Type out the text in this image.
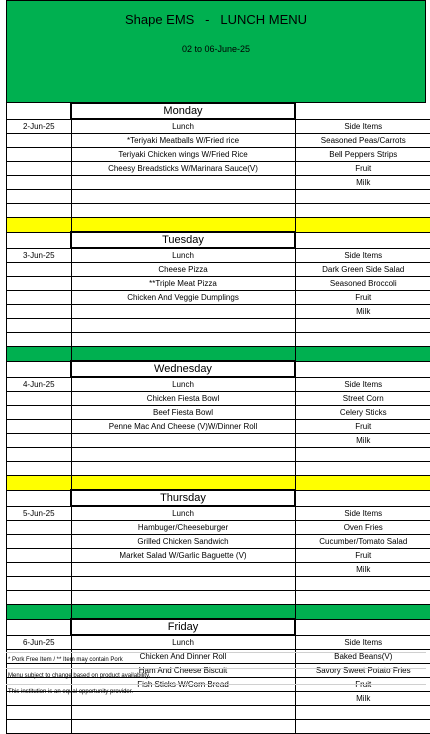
Shape EMS   -   LUNCH MENU
02 to 06-June-25
	Monday	
2-Jun-25	Lunch	Side Items
	*Teriyaki Meatballs W/Fried rice	Seasoned Peas/Carrots
	Teriyaki Chicken wings W/Fried Rice	Bell Peppers Strips
	Cheesy Breadsticks W/Marinara Sauce(V)	Fruit
		Milk

	Tuesday	
3-Jun-25	Lunch	Side Items
	Cheese Pizza	Dark Green Side Salad
	**Triple Meat Pizza	Seasoned Broccoli
	Chicken And Veggie Dumplings	Fruit
		Milk

	Wednesday	
4-Jun-25	Lunch	Side Items
	Chicken Fiesta Bowl	Street Corn
	Beef Fiesta Bowl	Celery Sticks
	Penne Mac And Cheese (V)W/Dinner Roll	Fruit
		Milk

	Thursday	
5-Jun-25	Lunch	Side Items
	Hambuger/Cheeseburger	Oven Fries
	Grilled Chicken Sandwich	Cucumber/Tomato Salad
	Market Salad W/Garlic Baguette (V)	Fruit
		Milk

	Friday	
6-Jun-25	Lunch	Side Items
	Chicken And Dinner Roll	Baked Beans(V)
	Ham And Cheese Biscuit	Savory Sweet Potato Fries
	Fish Sticks W/Corn Bread	Fruit
		Milk

* Pork Free Item / ** Item may contain Pork
Menu subject to change based on product availability.
This institution is an equal opportunity provider.
